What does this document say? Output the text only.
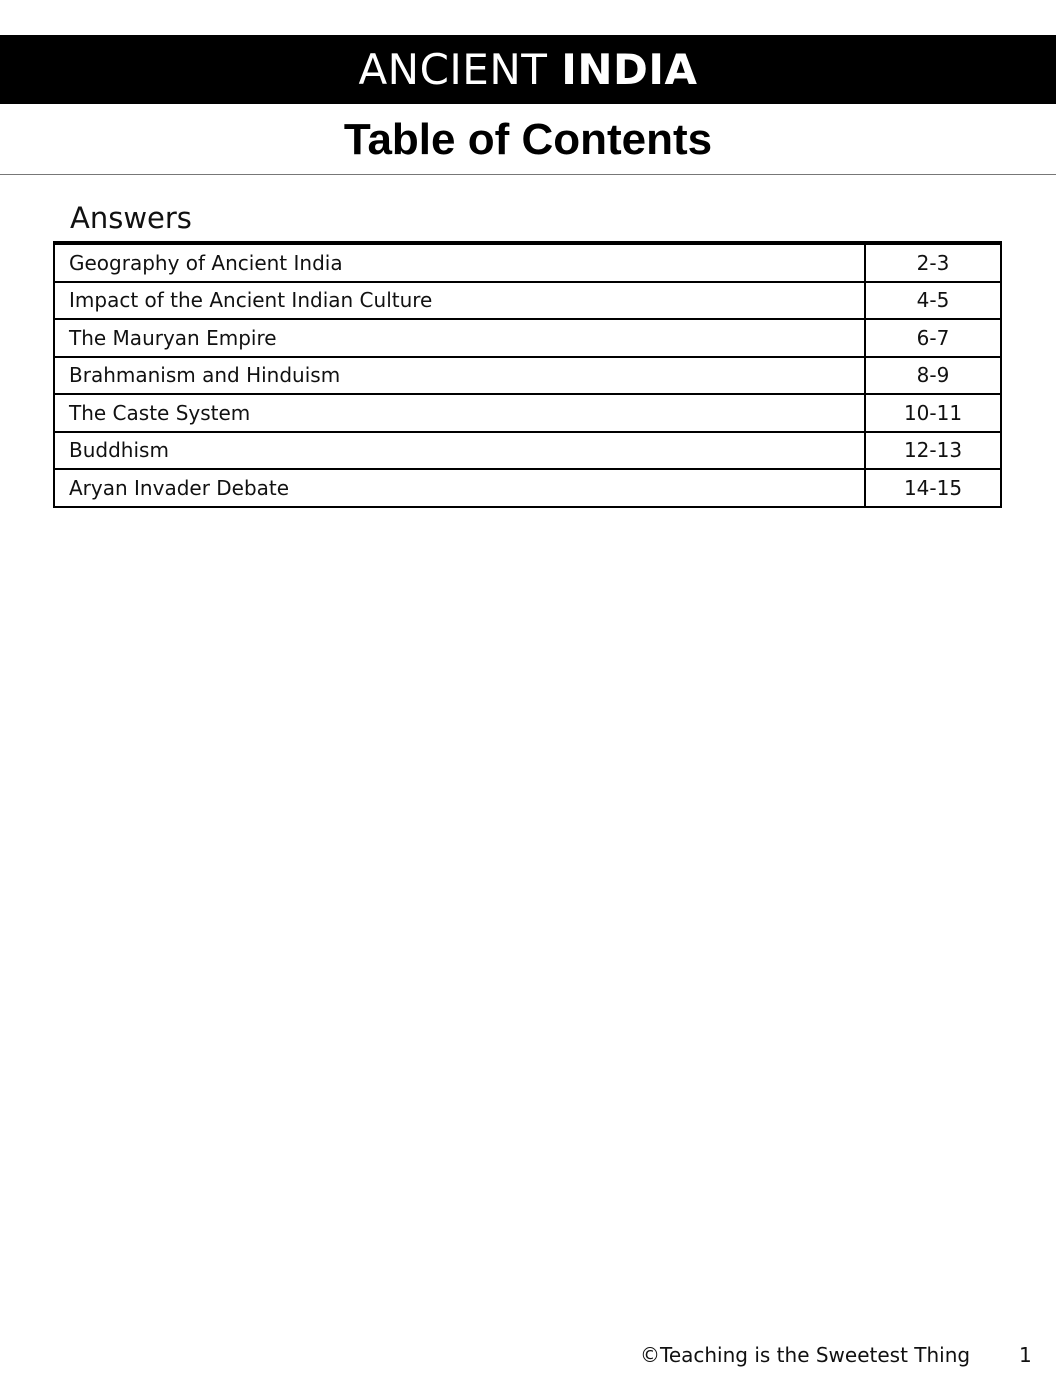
ANCIENT INDIA
Table of Contents
Answers
Geography of Ancient India	2-3
Impact of the Ancient Indian Culture	4-5
The Mauryan Empire	6-7
Brahmanism and Hinduism	8-9
The Caste System	10-11
Buddhism	12-13
Aryan Invader Debate	14-15
©Teaching is the Sweetest Thing 1
